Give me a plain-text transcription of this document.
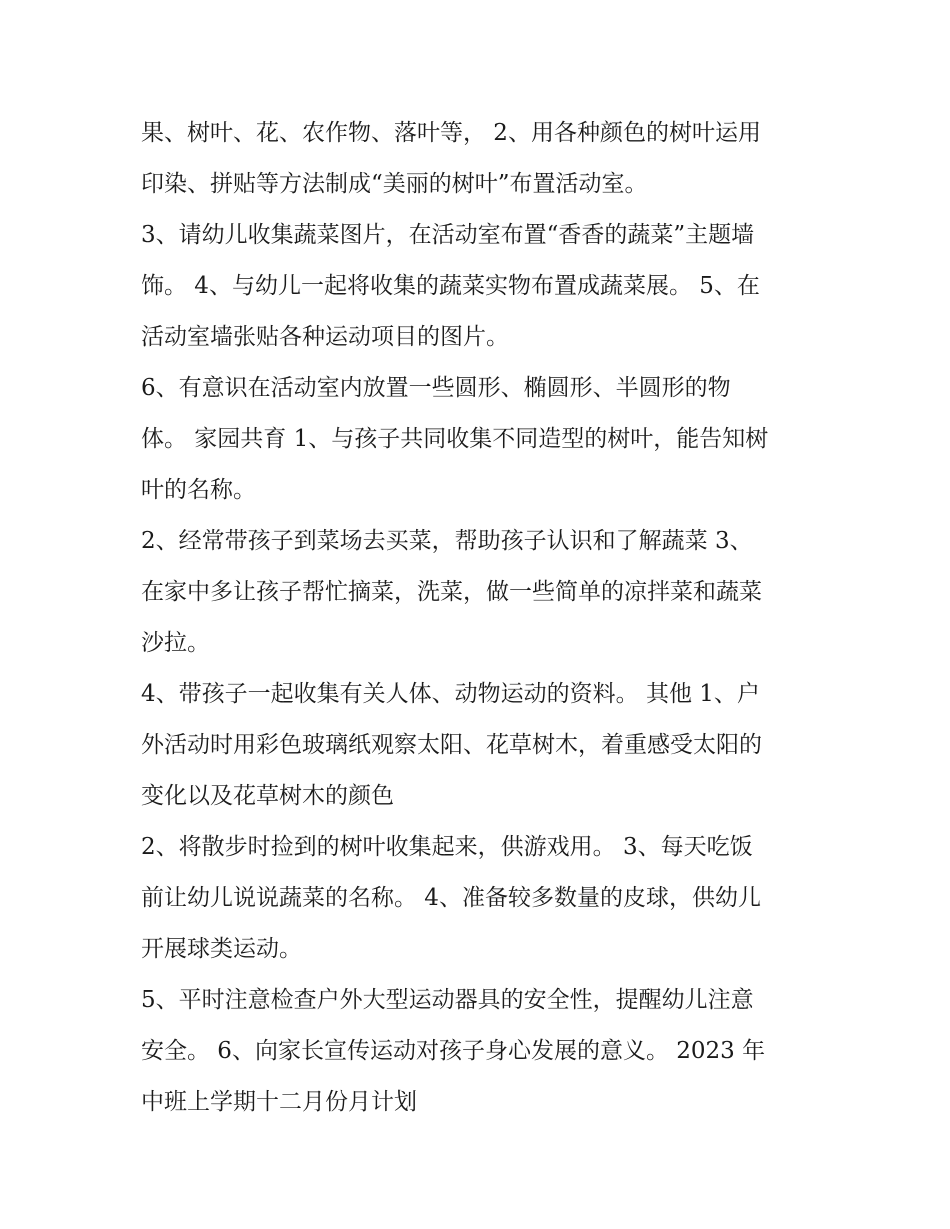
果、树叶、花、农作物、落叶等， 2、用各种颜色的树叶运用
印染、拼贴等方法制成“美丽的树叶”布置活动室。

3、请幼儿收集蔬菜图片，在活动室布置“香香的蔬菜”主题墙
饰。 4、与幼儿一起将收集的蔬菜实物布置成蔬菜展。 5、在
活动室墙张贴各种运动项目的图片。

6、有意识在活动室内放置一些圆形、椭圆形、半圆形的物
体。 家园共育 1、与孩子共同收集不同造型的树叶，能告知树
叶的名称。

2、经常带孩子到菜场去买菜，帮助孩子认识和了解蔬菜 3、
在家中多让孩子帮忙摘菜，洗菜，做一些简单的凉拌菜和蔬菜
沙拉。

4、带孩子一起收集有关人体、动物运动的资料。 其他 1、户
外活动时用彩色玻璃纸观察太阳、花草树木，着重感受太阳的
变化以及花草树木的颜色

2、将散步时捡到的树叶收集起来，供游戏用。 3、每天吃饭
前让幼儿说说蔬菜的名称。 4、准备较多数量的皮球，供幼儿
开展球类运动。

5、平时注意检查户外大型运动器具的安全性，提醒幼儿注意
安全。 6、向家长宣传运动对孩子身心发展的意义。 2023 年
中班上学期十二月份月计划
